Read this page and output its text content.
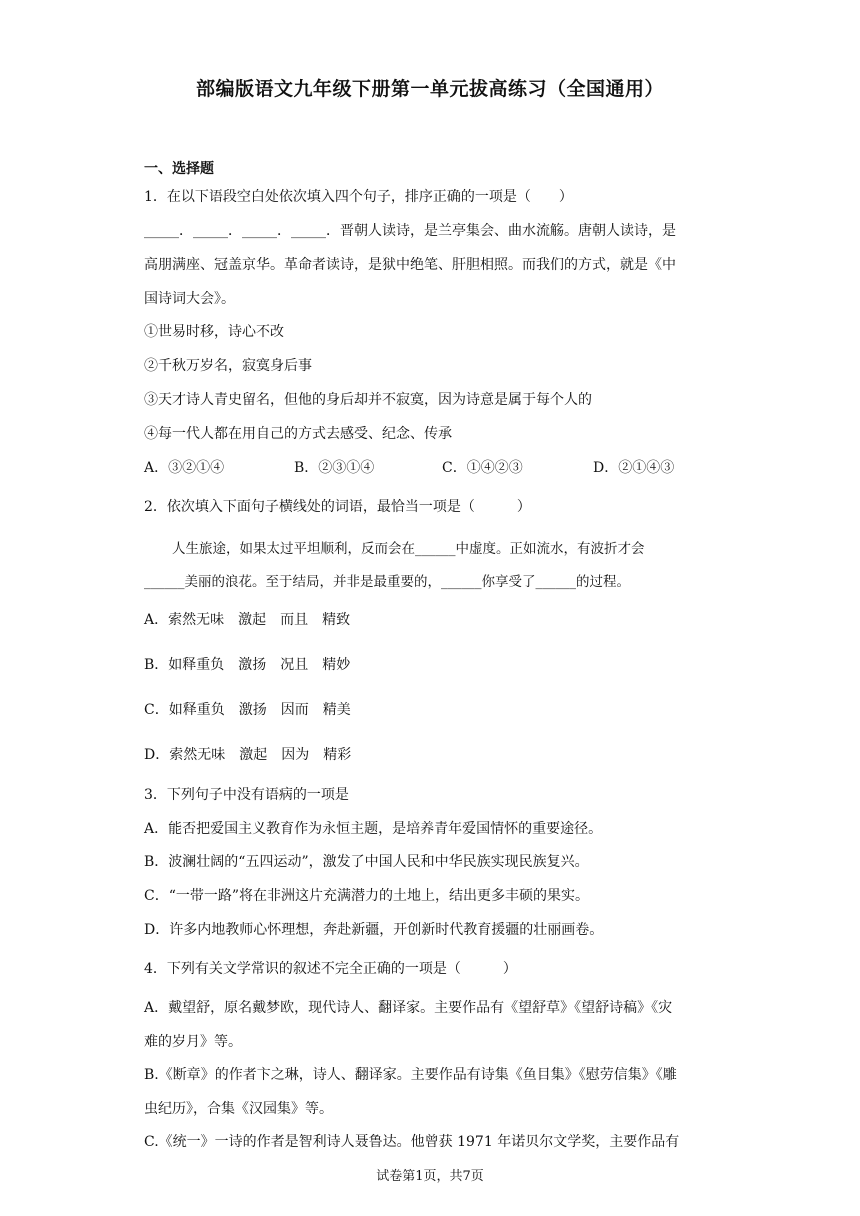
部编版语文九年级下册第一单元拔高练习（全国通用）
一、选择题
1．在以下语段空白处依次填入四个句子，排序正确的一项是（　　）
_____．_____．_____．_____．晋朝人读诗，是兰亭集会、曲水流觞。唐朝人读诗，是
高朋满座、冠盖京华。革命者读诗，是狱中绝笔、肝胆相照。而我们的方式，就是《中
国诗词大会》。
①世易时移，诗心不改
②千秋万岁名，寂寞身后事
③天才诗人青史留名，但他的身后却并不寂寞，因为诗意是属于每个人的
④每一代人都在用自己的方式去感受、纪念、传承
A．③②①④	B．②③①④	C．①④②③	D．②①④③
2．依次填入下面句子横线处的词语，最恰当一项是（　　　）
人生旅途，如果太过平坦顺利，反而会在______中虚度。正如流水，有波折才会
______美丽的浪花。至于结局，并非是最重要的，______你享受了______的过程。
A．索然无味　激起　而且　精致
B．如释重负　激扬　况且　精妙
C．如释重负　激扬　因而　精美
D．索然无味　激起　因为　精彩
3．下列句子中没有语病的一项是
A．能否把爱国主义教育作为永恒主题，是培养青年爱国情怀的重要途径。
B．波澜壮阔的“五四运动”，激发了中国人民和中华民族实现民族复兴。
C．“一带一路”将在非洲这片充满潜力的土地上，结出更多丰硕的果实。
D．许多内地教师心怀理想，奔赴新疆，开创新时代教育援疆的壮丽画卷。
4．下列有关文学常识的叙述不完全正确的一项是（　　　）
A．戴望舒，原名戴梦欧，现代诗人、翻译家。主要作品有《望舒草》《望舒诗稿》《灾
难的岁月》等。
B.《断章》的作者卞之琳，诗人、翻译家。主要作品有诗集《鱼目集》《慰劳信集》《雕
虫纪历》，合集《汉园集》等。
C.《统一》一诗的作者是智利诗人聂鲁达。他曾获 1971 年诺贝尔文学奖，主要作品有
试卷第1页，共7页
